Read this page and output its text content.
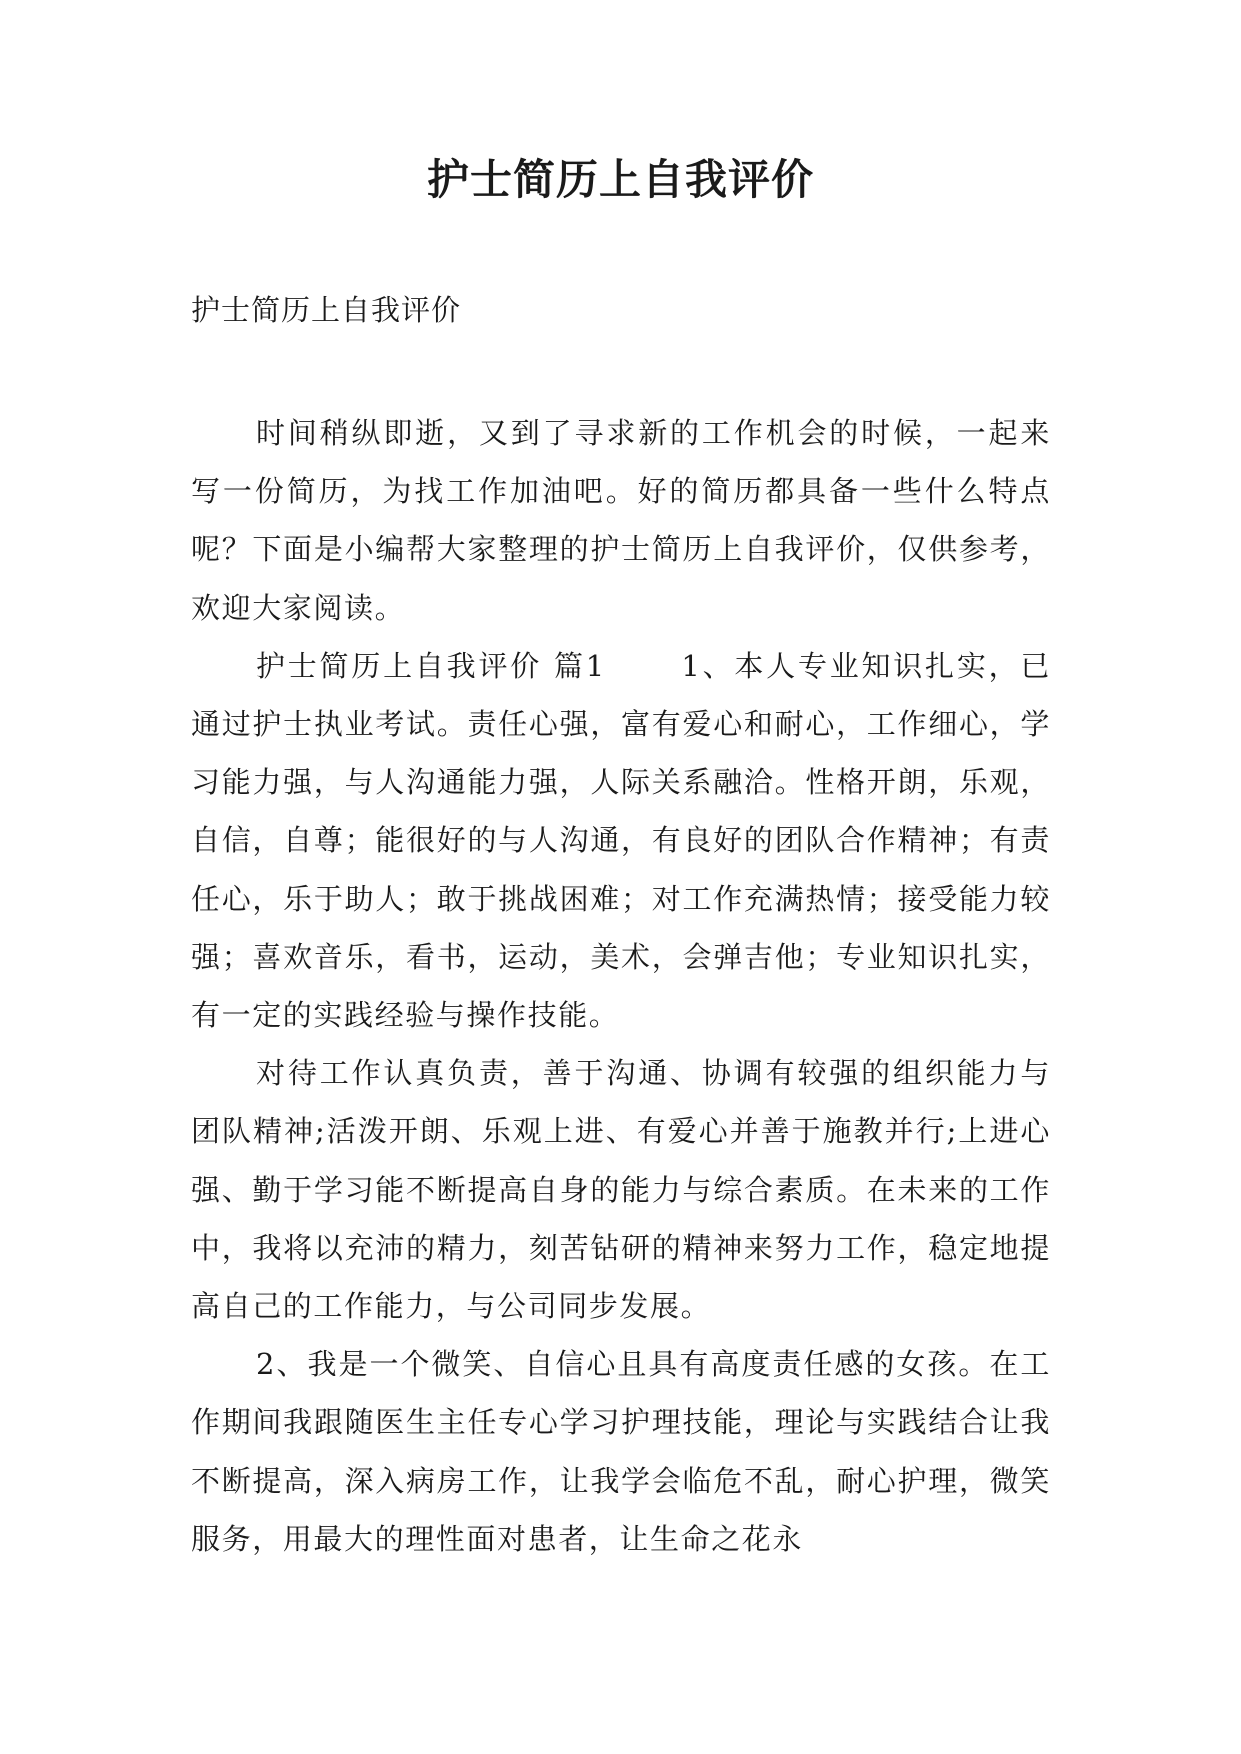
护士简历上自我评价

护士简历上自我评价

时间稍纵即逝，又到了寻求新的工作机会的时候，一起来写一份简历，为找工作加油吧。好的简历都具备一些什么特点呢？下面是小编帮大家整理的护士简历上自我评价，仅供参考，欢迎大家阅读。

护士简历上自我评价 篇1 　　1、本人专业知识扎实，已通过护士执业考试。责任心强，富有爱心和耐心，工作细心，学习能力强，与人沟通能力强，人际关系融洽。性格开朗，乐观，自信，自尊；能很好的与人沟通，有良好的团队合作精神；有责任心，乐于助人；敢于挑战困难；对工作充满热情；接受能力较强；喜欢音乐，看书，运动，美术，会弹吉他；专业知识扎实，有一定的实践经验与操作技能。

对待工作认真负责，善于沟通、协调有较强的组织能力与团队精神;活泼开朗、乐观上进、有爱心并善于施教并行;上进心强、勤于学习能不断提高自身的能力与综合素质。在未来的工作中，我将以充沛的精力，刻苦钻研的精神来努力工作，稳定地提高自己的工作能力，与公司同步发展。

2、我是一个微笑、自信心且具有高度责任感的女孩。在工作期间我跟随医生主任专心学习护理技能，理论与实践结合让我不断提高，深入病房工作，让我学会临危不乱，耐心护理，微笑服务，用最大的理性面对患者，让生命之花永
